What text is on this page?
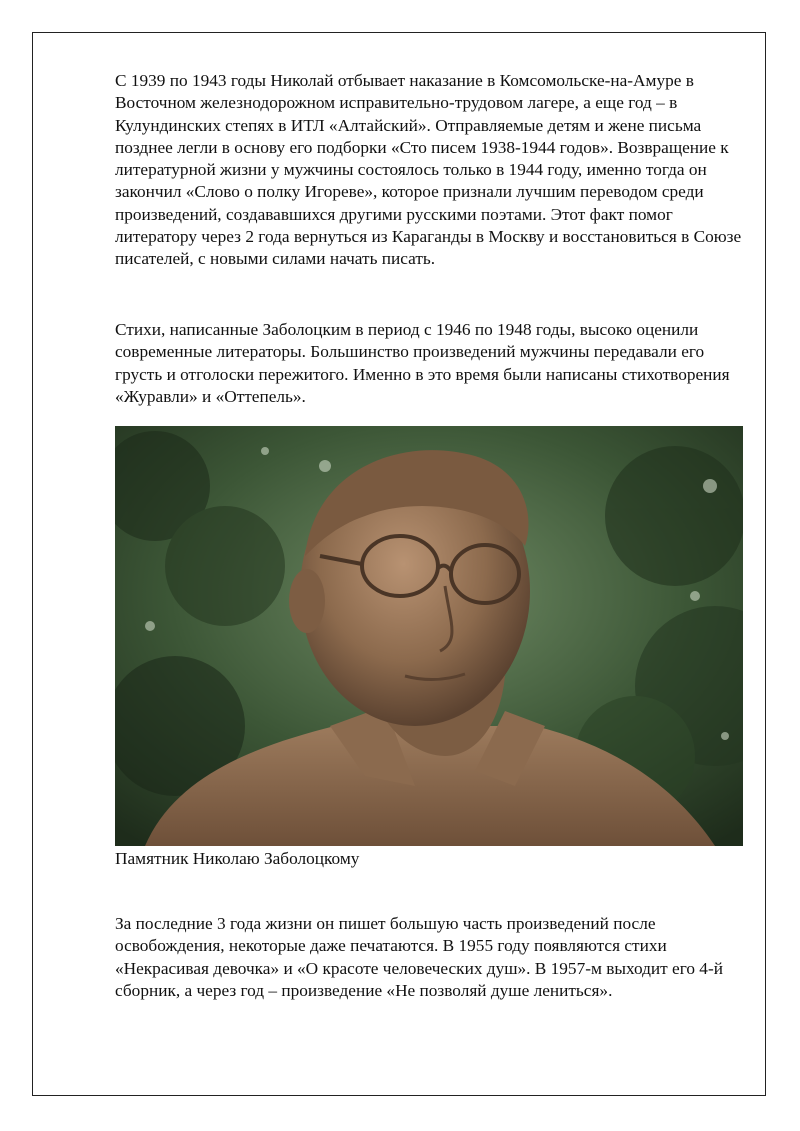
С 1939 по 1943 годы Николай отбывает наказание в Комсомольске-на-Амуре в Восточном железнодорожном исправительно-трудовом лагере, а еще год – в Кулундинских степях в ИТЛ «Алтайский». Отправляемые детям и жене письма позднее легли в основу его подборки «Сто писем 1938-1944 годов». Возвращение к литературной жизни у мужчины состоялось только в 1944 году, именно тогда он закончил «Слово о полку Игореве», которое признали лучшим переводом среди произведений, создававшихся другими русскими поэтами. Этот факт помог литератору через 2 года вернуться из Караганды в Москву и восстановиться в Союзе писателей, с новыми силами начать писать.

Стихи, написанные Заболоцким в период с 1946 по 1948 годы, высоко оценили современные литераторы. Большинство произведений мужчины передавали его грусть и отголоски пережитого. Именно в это время были написаны стихотворения «Журавли» и «Оттепель».

Памятник Николаю Заболоцкому

За последние 3 года жизни он пишет большую часть произведений после освобождения, некоторые даже печатаются. В 1955 году появляются стихи «Некрасивая девочка» и «О красоте человеческих душ». В 1957-м выходит его 4-й сборник, а через год – произведение «Не позволяй душе лениться».
